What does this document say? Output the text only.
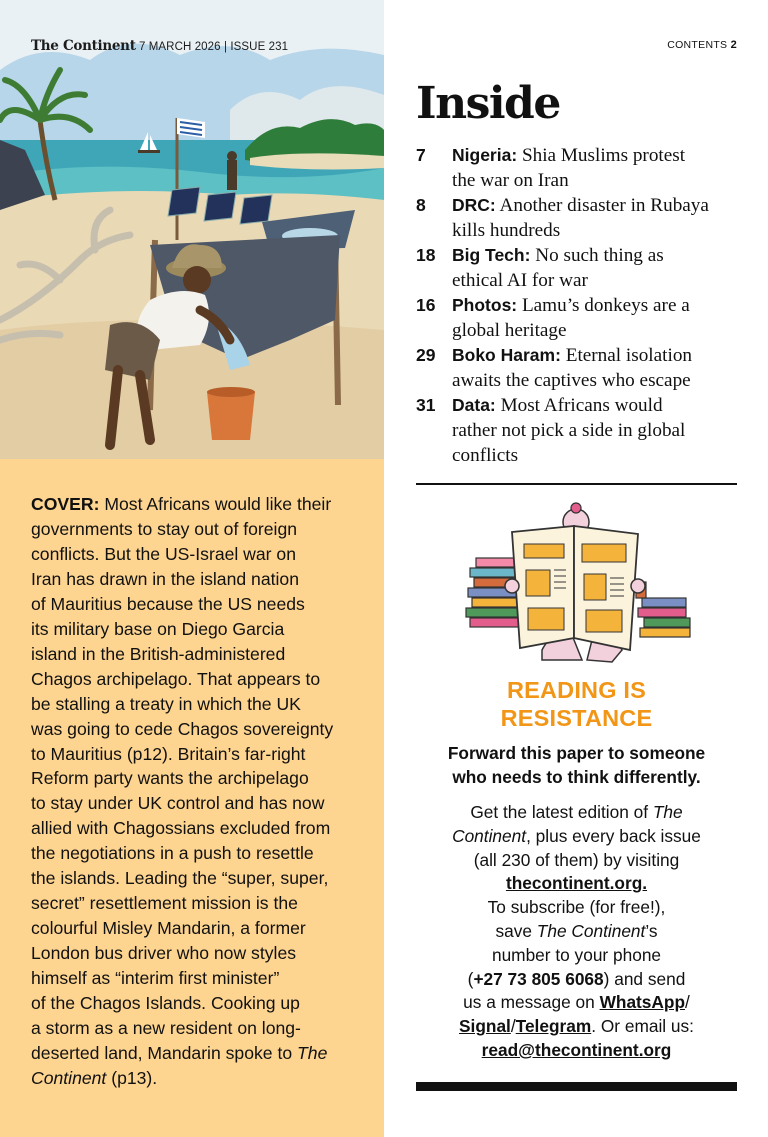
The Continent 7 MARCH 2026 | ISSUE 231
COVER: Most Africans would like their
governments to stay out of foreign
conflicts. But the US-Israel war on
Iran has drawn in the island nation
of Mauritius because the US needs
its military base on Diego Garcia
island in the British-administered
Chagos archipelago. That appears to
be stalling a treaty in which the UK
was going to cede Chagos sovereignty
to Mauritius (p12). Britain’s far-right
Reform party wants the archipelago
to stay under UK control and has now
allied with Chagossians excluded from
the negotiations in a push to resettle
the islands. Leading the “super, super,
secret” resettlement mission is the
colourful Misley Mandarin, a former
London bus driver who now styles
himself as “interim first minister”
of the Chagos Islands. Cooking up
a storm as a new resident on long-
deserted land, Mandarin spoke to The
Continent (p13).
CONTENTS 2
Inside
7	Nigeria: Shia Muslims protest
the war on Iran
8	DRC: Another disaster in Rubaya
kills hundreds
18 Big Tech: No such thing as
ethical AI for war
16 Photos: Lamu’s donkeys are a
global heritage
29 Boko Haram: Eternal isolation
awaits the captives who escape
31 Data: Most Africans would
rather not pick a side in global
conflicts
READING IS
RESISTANCE
Forward this paper to someone
who needs to think differently.
Get the latest edition of The
Continent, plus every back issue
(all 230 of them) by visiting
thecontinent.org.
To subscribe (for free!),
save The Continent’s
number to your phone
(+27 73 805 6068) and send
us a message on WhatsApp/
Signal/Telegram. Or email us:
read@thecontinent.org
